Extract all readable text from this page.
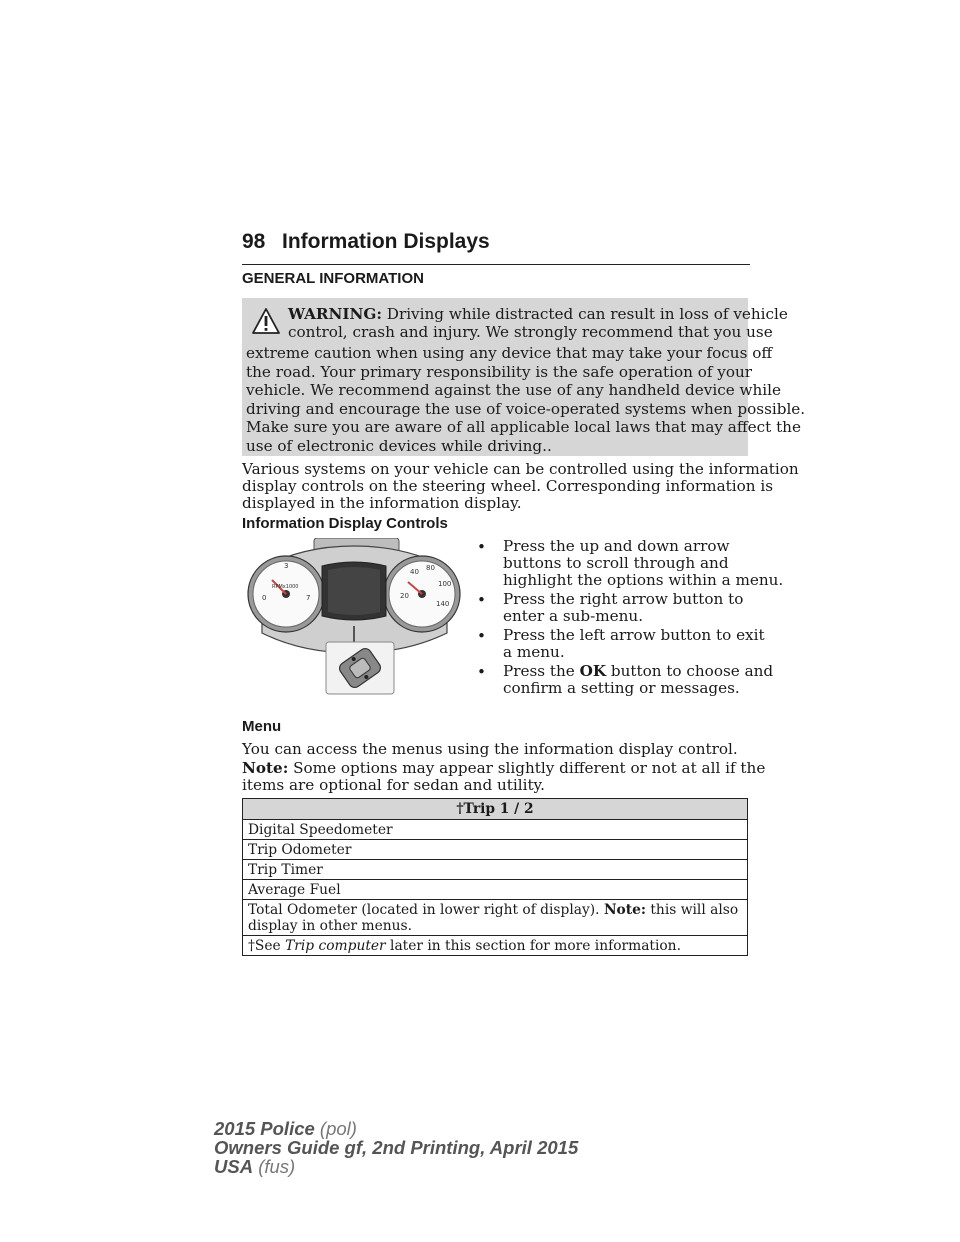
98 Information Displays
GENERAL INFORMATION
WARNING: Driving while distracted can result in loss of vehicle
control, crash and injury. We strongly recommend that you use
extreme caution when using any device that may take your focus off
the road. Your primary responsibility is the safe operation of your
vehicle. We recommend against the use of any handheld device while
driving and encourage the use of voice-operated systems when possible.
Make sure you are aware of all applicable local laws that may affect the
use of electronic devices while driving..
Various systems on your vehicle can be controlled using the information
display controls on the steering wheel. Corresponding information is
displayed in the information display.
Information Display Controls
0
3
7
RPMx1000
20
40 80
100
140
• Press the up and down arrow
buttons to scroll through and
highlight the options within a menu.
• Press the right arrow button to
enter a sub-menu.
• Press the left arrow button to exit
a menu.
• Press the OK button to choose and
confirm a setting or messages.
Menu
You can access the menus using the information display control.
Note: Some options may appear slightly different or not at all if the
items are optional for sedan and utility.
†Trip 1 / 2
Digital Speedometer
Trip Odometer
Trip Timer
Average Fuel
Total Odometer (located in lower right of display). Note: this will also
display in other menus.
†See Trip computer later in this section for more information.
2015 Police (pol)
Owners Guide gf, 2nd Printing, April 2015
USA (fus)
